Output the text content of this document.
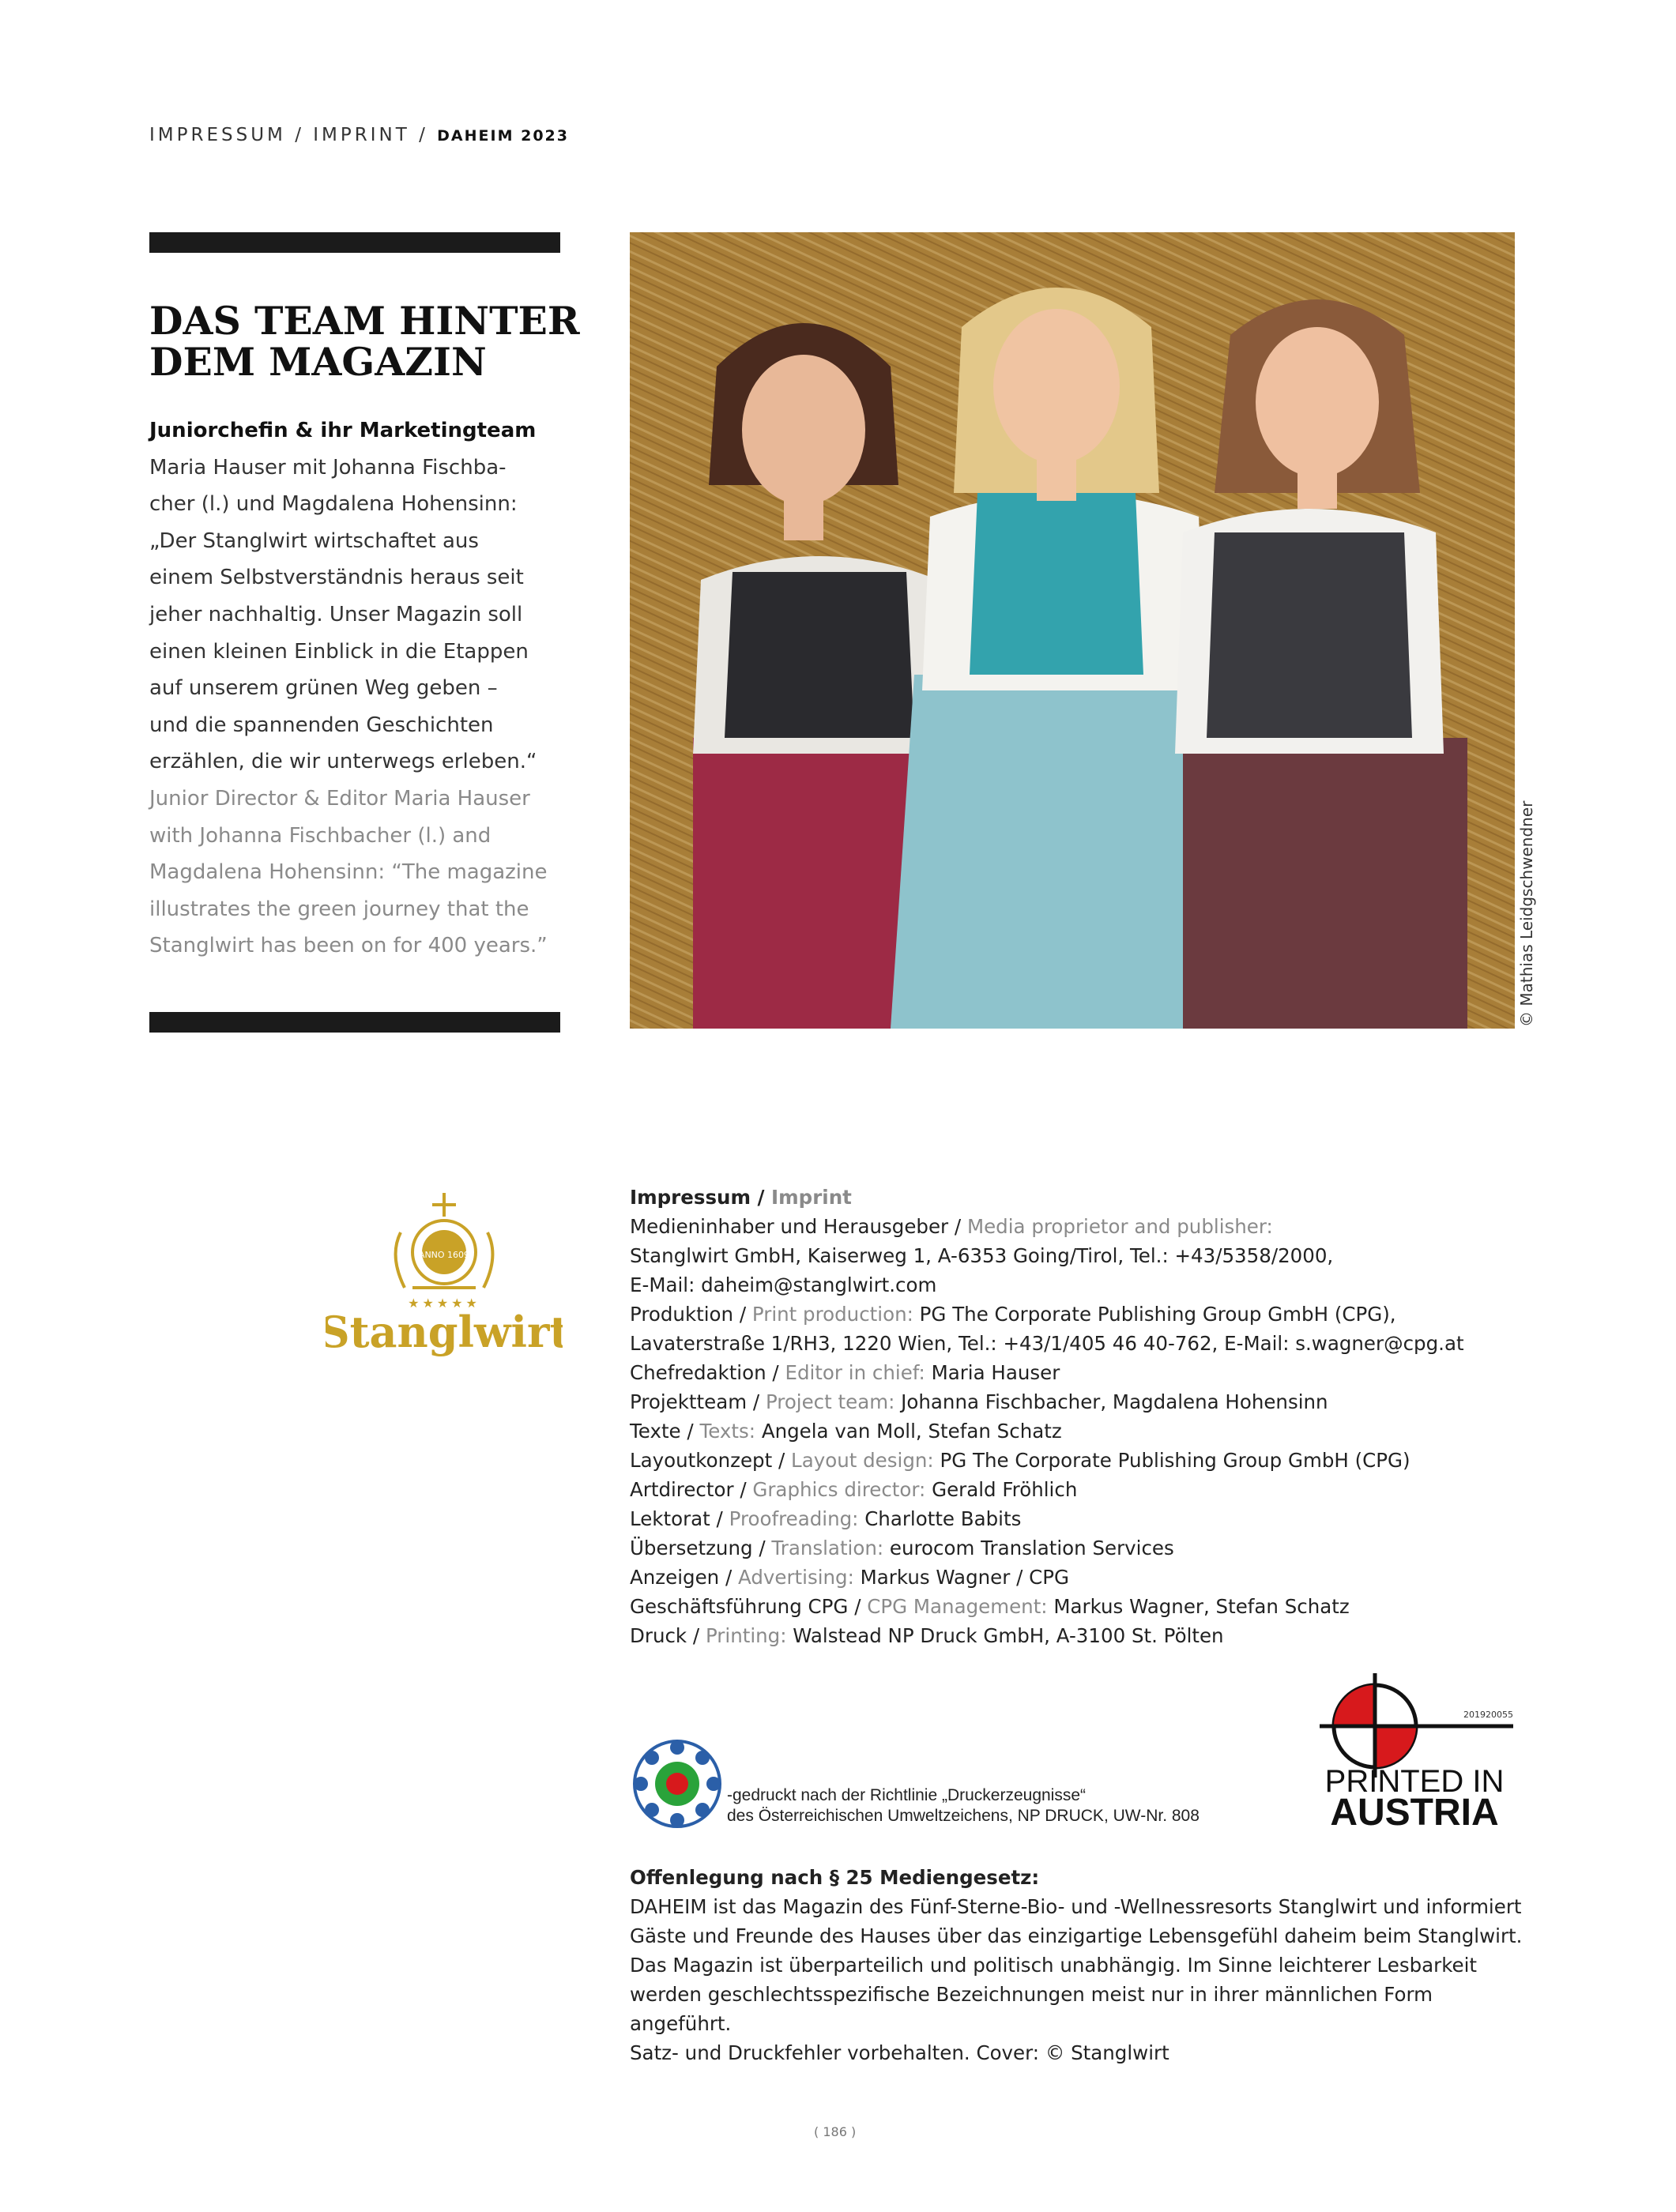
IMPRESSUM / IMPRINT / DAHEIM 2023
DAS TEAM HINTER
DEM MAGAZIN
Juniorchefin & ihr Marketingteam
Maria Hauser mit Johanna Fischba-
cher (l.) und Magdalena Hohensinn:
„Der Stanglwirt wirtschaftet aus
einem Selbstverständnis heraus seit
jeher nachhaltig. Unser Magazin soll
einen kleinen Einblick in die Etappen
auf unserem grünen Weg geben –
und die spannenden Geschichten
erzählen, die wir unterwegs erleben.“
Junior Director & Editor Maria Hauser
with Johanna Fischbacher (l.) and
Magdalena Hohensinn: “The magazine
illustrates the green journey that the
Stanglwirt has been on for 400 years.”	© Mathias Leidgschwendner
ANNO 1609
★★★★★
Stanglwirt
Impressum / Imprint
Medieninhaber und Herausgeber / Media proprietor and publisher:
Stanglwirt GmbH, Kaiserweg 1, A-6353 Going/Tirol, Tel.: +43/5358/2000,
E-Mail: daheim@stanglwirt.com
Produktion / Print production: PG The Corporate Publishing Group GmbH (CPG),
Lavaterstraße 1/RH3, 1220 Wien, Tel.: +43/1/405 46 40-762, E-Mail: s.wagner@cpg.at
Chefredaktion / Editor in chief: Maria Hauser
Projektteam / Project team: Johanna Fischbacher, Magdalena Hohensinn
Texte / Texts: Angela van Moll, Stefan Schatz
Layoutkonzept / Layout design: PG The Corporate Publishing Group GmbH (CPG)
Artdirector / Graphics director: Gerald Fröhlich
Lektorat / Proofreading: Charlotte Babits
Übersetzung / Translation: eurocom Translation Services
Anzeigen / Advertising: Markus Wagner / CPG
Geschäftsführung CPG / CPG Management: Markus Wagner, Stefan Schatz
Druck / Printing: Walstead NP Druck GmbH, A-3100 St. Pölten
-gedruckt nach der Richtlinie „Druckerzeugnisse“
des Österreichischen Umweltzeichens, NP DRUCK, UW-Nr. 808
201920055
PRINTED IN
AUSTRIA
Offenlegung nach § 25 Mediengesetz:
DAHEIM ist das Magazin des Fünf-Sterne-Bio- und -Wellnessresorts Stanglwirt und informiert
Gäste und Freunde des Hauses über das einzigartige Lebensgefühl daheim beim Stanglwirt.
Das Magazin ist überparteilich und politisch unabhängig. Im Sinne leichterer Lesbarkeit
werden geschlechtsspezifische Bezeichnungen meist nur in ihrer männlichen Form angeführt.
Satz- und Druckfehler vorbehalten. Cover: © Stanglwirt
( 186 )
